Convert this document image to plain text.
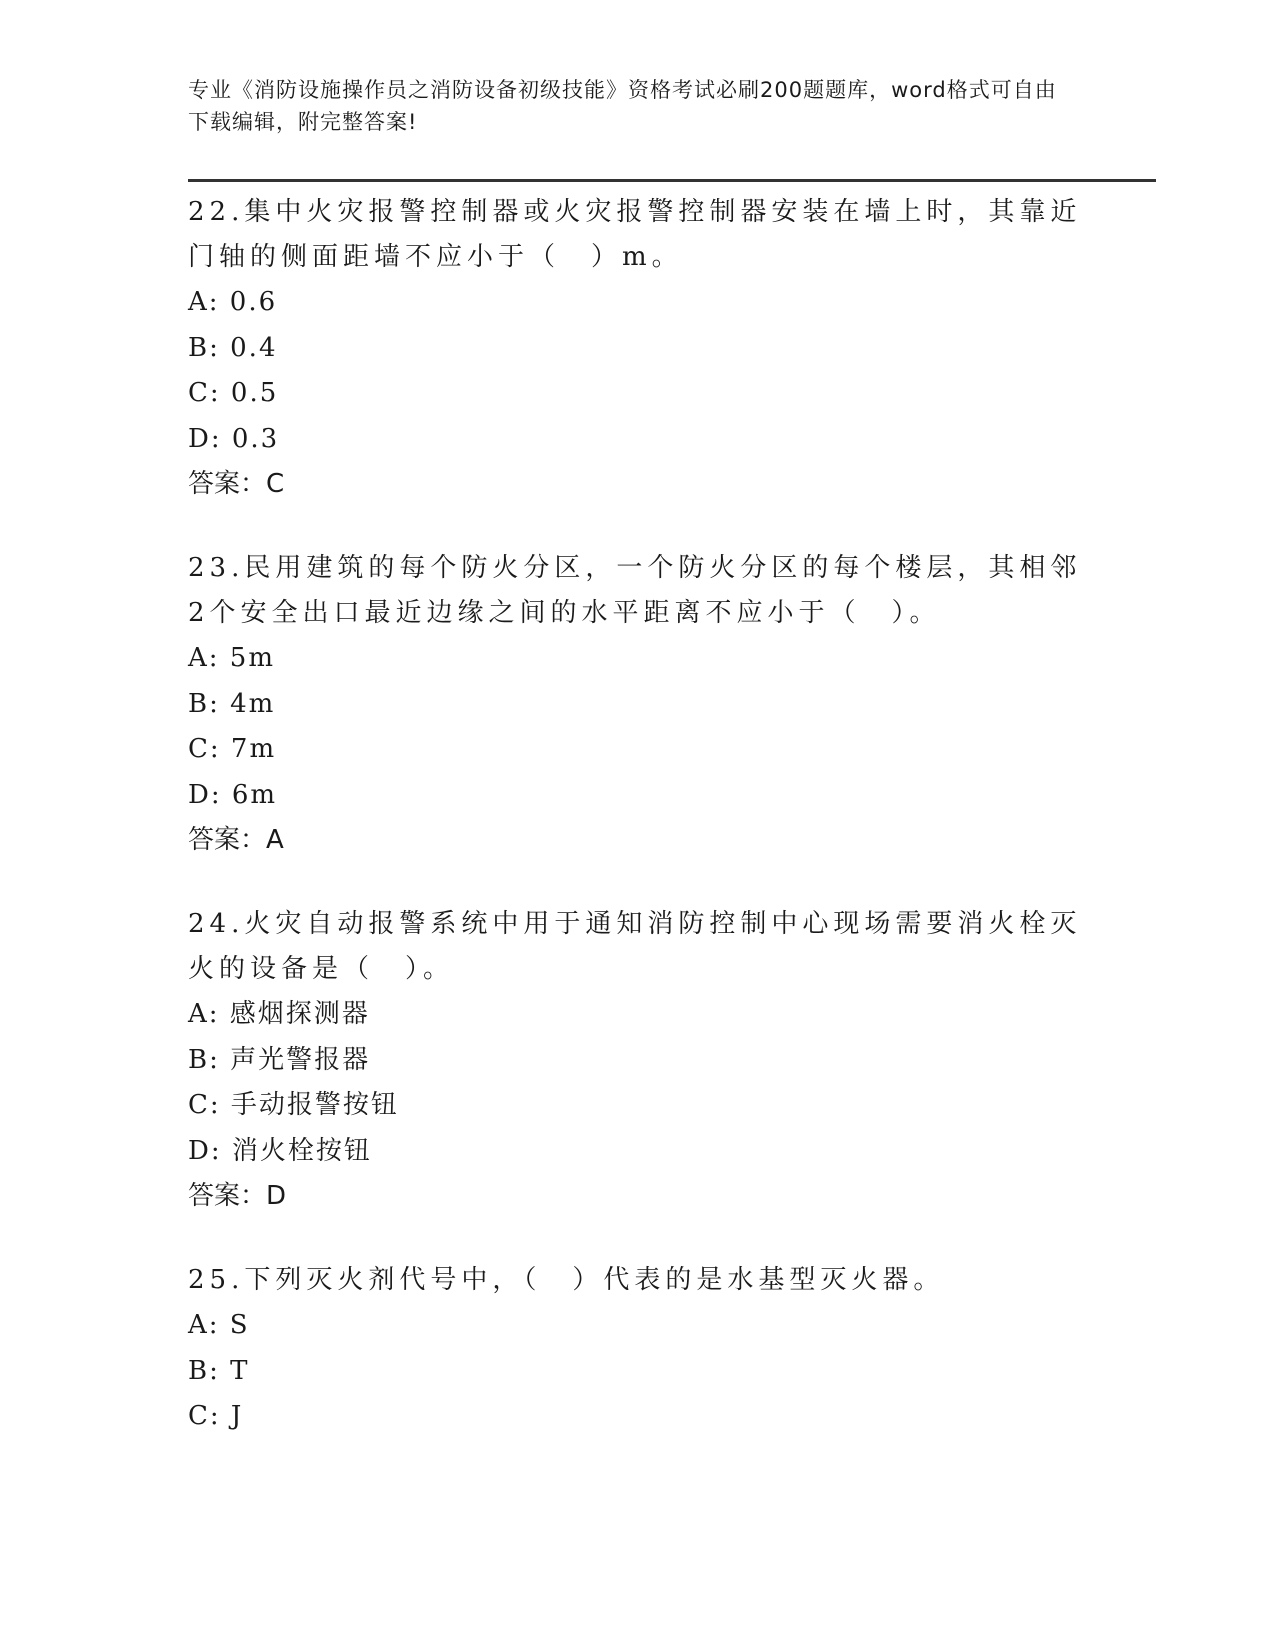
专业《消防设施操作员之消防设备初级技能》资格考试必刷200题题库，word格式可自由下载编辑，附完整答案!

22.集中火灾报警控制器或火灾报警控制器安装在墙上时，其靠近门轴的侧面距墙不应小于（　）m。

A: 0.6

B: 0.4

C: 0.5

D: 0.3

答案：C

23.民用建筑的每个防火分区，一个防火分区的每个楼层，其相邻2个安全出口最近边缘之间的水平距离不应小于（　）。

A: 5m

B: 4m

C: 7m

D: 6m

答案：A

24.火灾自动报警系统中用于通知消防控制中心现场需要消火栓灭火的设备是（　）。

A: 感烟探测器

B: 声光警报器

C: 手动报警按钮

D: 消火栓按钮

答案：D

25.下列灭火剂代号中，（　）代表的是水基型灭火器。

A: S

B: T

C: J
